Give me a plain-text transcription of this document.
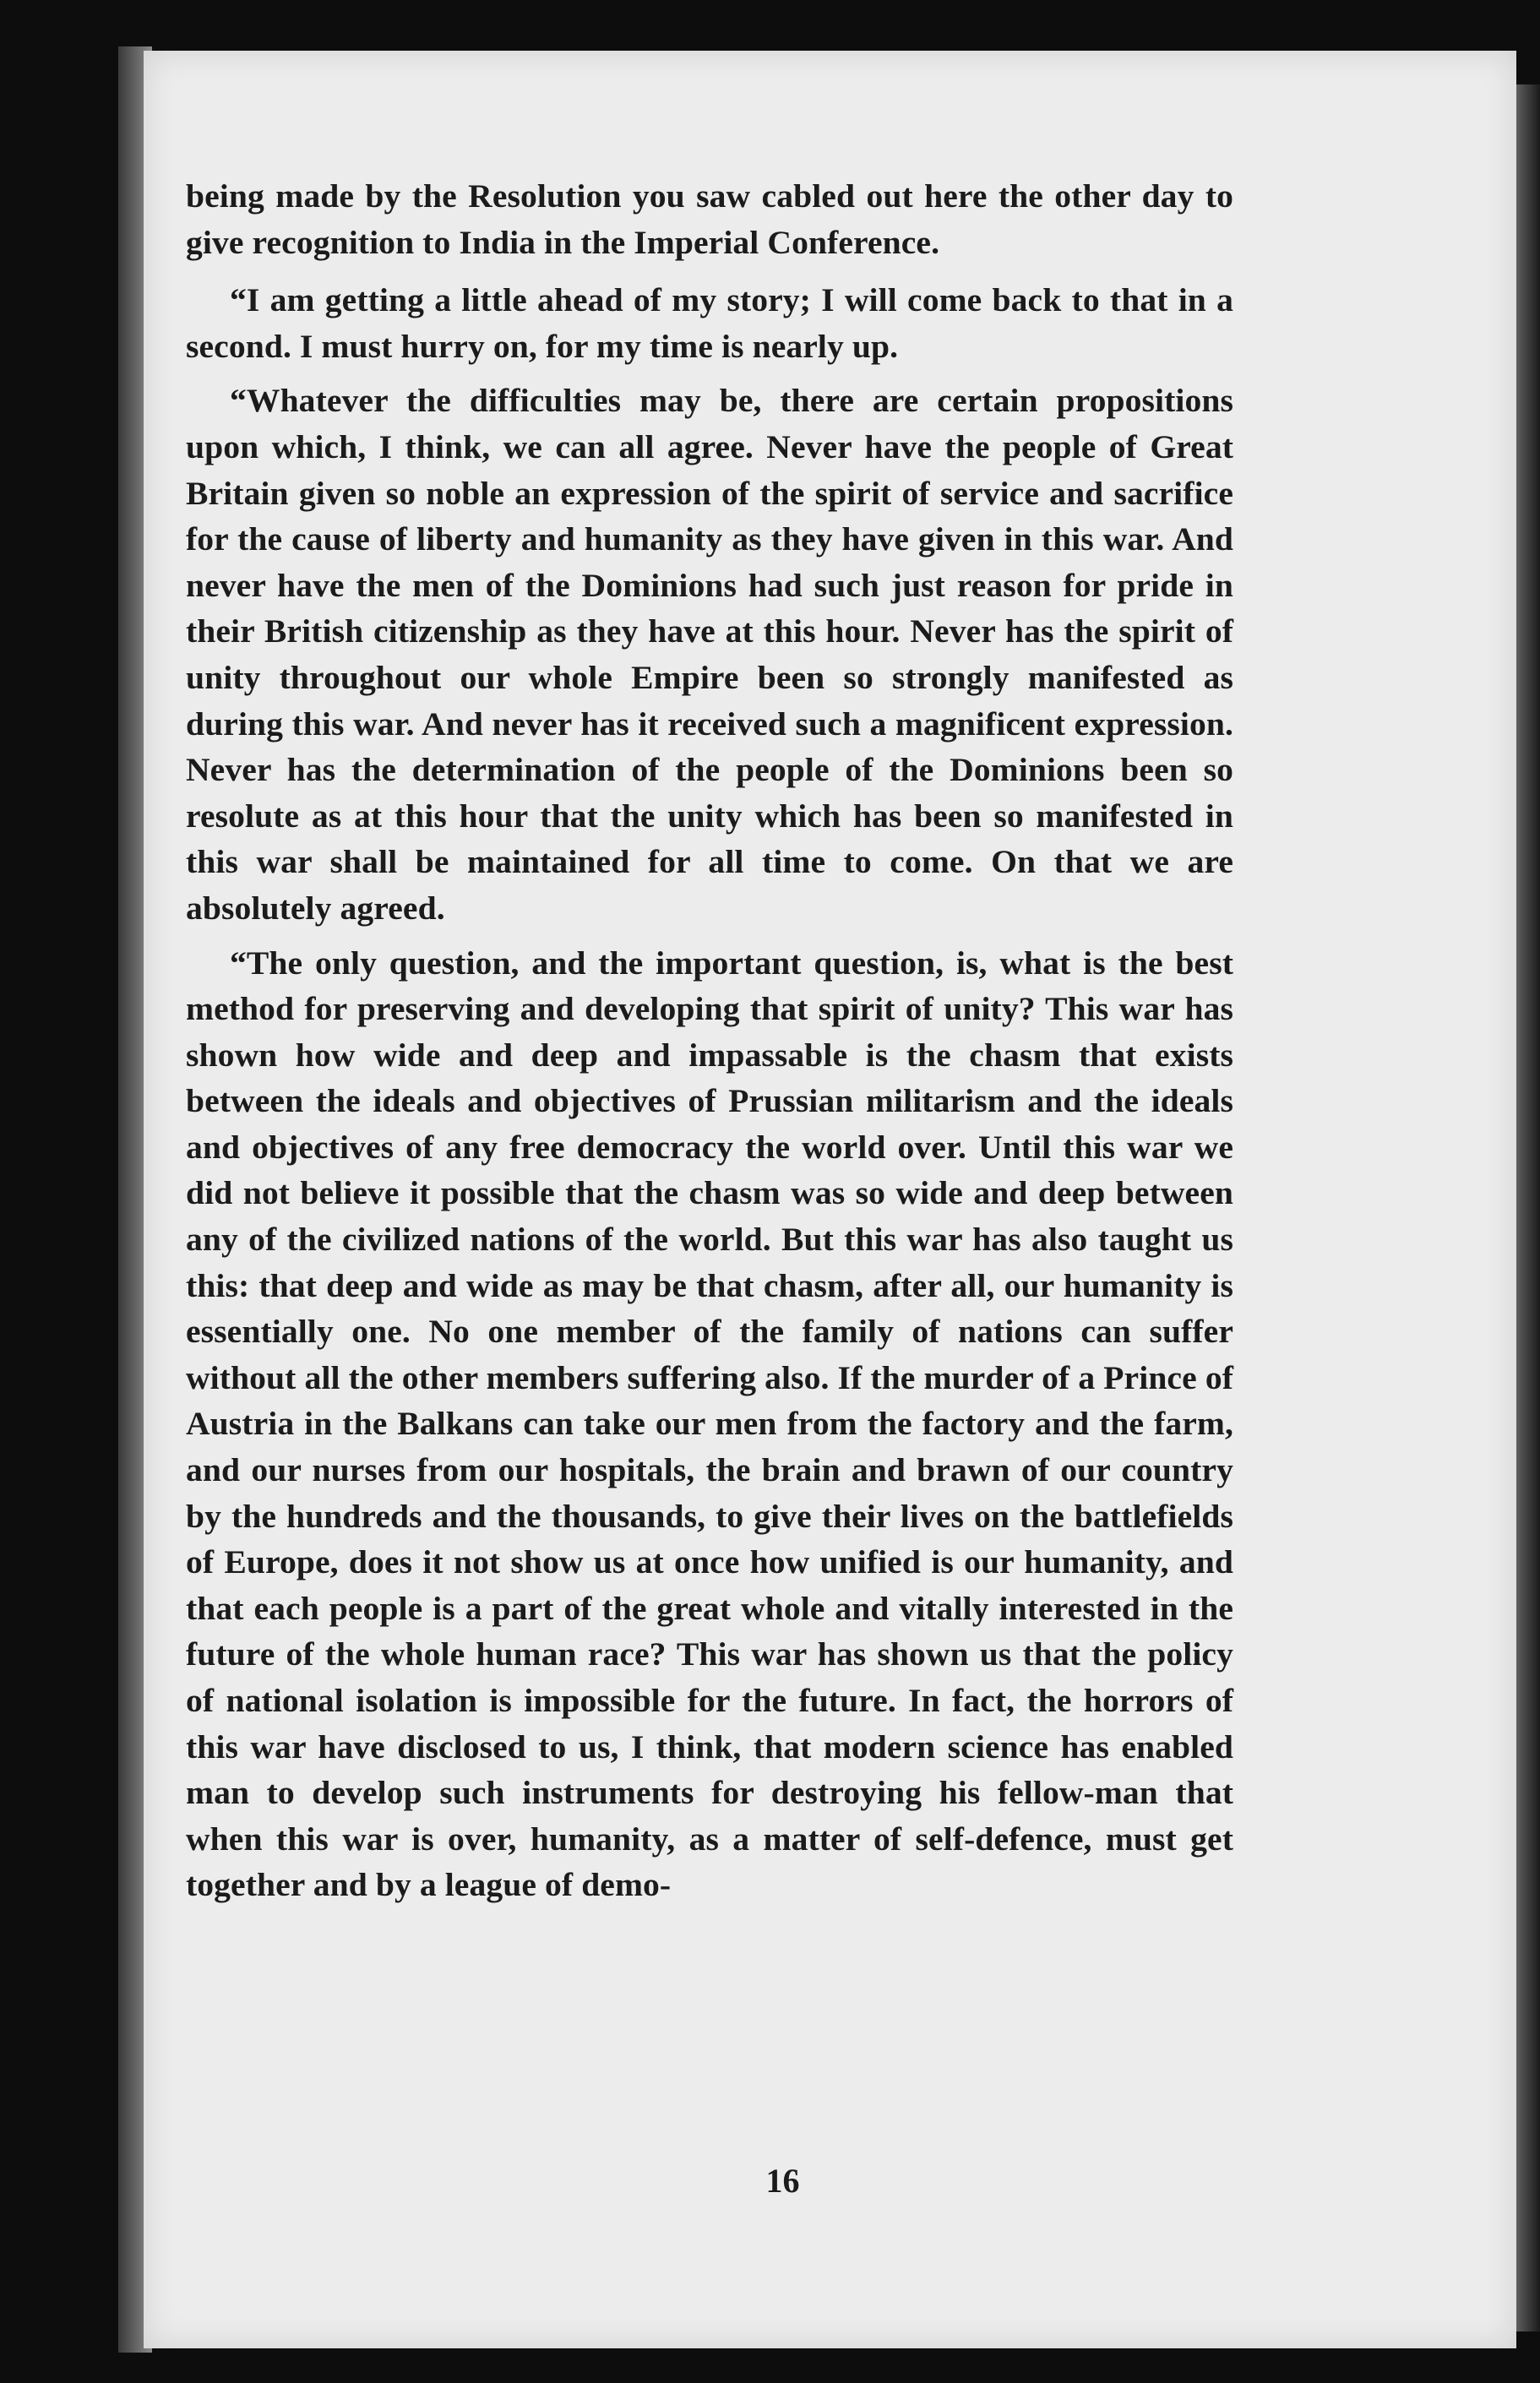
being made by the Resolution you saw cabled out here the other day to give recognition to India in the Imperial Conference.

“I am getting a little ahead of my story; I will come back to that in a second. I must hurry on, for my time is nearly up.

“Whatever the difficulties may be, there are certain propositions upon which, I think, we can all agree. Never have the people of Great Britain given so noble an expression of the spirit of service and sacrifice for the cause of liberty and humanity as they have given in this war. And never have the men of the Dominions had such just reason for pride in their British citizenship as they have at this hour. Never has the spirit of unity throughout our whole Empire been so strongly manifested as during this war. And never has it received such a magnificent expression. Never has the determination of the people of the Dominions been so resolute as at this hour that the unity which has been so manifested in this war shall be maintained for all time to come. On that we are absolutely agreed.

“The only question, and the important question, is, what is the best method for preserving and developing that spirit of unity? This war has shown how wide and deep and impassable is the chasm that exists between the ideals and objectives of Prussian militarism and the ideals and objectives of any free democracy the world over. Until this war we did not believe it possible that the chasm was so wide and deep between any of the civilized nations of the world. But this war has also taught us this: that deep and wide as may be that chasm, after all, our humanity is essentially one. No one member of the family of nations can suffer without all the other members suffering also. If the murder of a Prince of Austria in the Balkans can take our men from the factory and the farm, and our nurses from our hospitals, the brain and brawn of our country by the hundreds and the thousands, to give their lives on the battlefields of Europe, does it not show us at once how unified is our humanity, and that each people is a part of the great whole and vitally interested in the future of the whole human race? This war has shown us that the policy of national isolation is impossible for the future. In fact, the horrors of this war have disclosed to us, I think, that modern science has enabled man to develop such instruments for destroying his fellow-man that when this war is over, humanity, as a matter of self-defence, must get together and by a league of demo-

16
